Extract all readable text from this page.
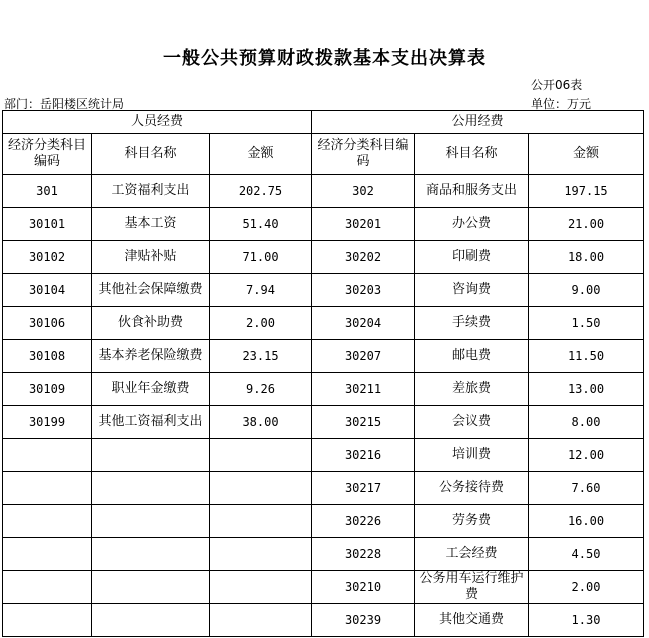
一般公共预算财政拨款基本支出决算表
公开06表
部门：岳阳楼区统计局	单位：万元
人员经费			公用经费		
经济分类科目编码	科目名称	金额	经济分类科目编码	科目名称	金额
301	工资福利支出	202.75	302	商品和服务支出	197.15
30101	基本工资	51.40	30201	办公费	21.00
30102	津贴补贴	71.00	30202	印刷费	18.00
30104	其他社会保障缴费	7.94	30203	咨询费	9.00
30106	伙食补助费	2.00	30204	手续费	1.50
30108	基本养老保险缴费	23.15	30207	邮电费	11.50
30109	职业年金缴费	9.26	30211	差旅费	13.00
30199	其他工资福利支出	38.00	30215	会议费	8.00
			30216	培训费	12.00
			30217	公务接待费	7.60
			30226	劳务费	16.00
			30228	工会经费	4.50
			30210	公务用车运行维护费	2.00
			30239	其他交通费	1.30
